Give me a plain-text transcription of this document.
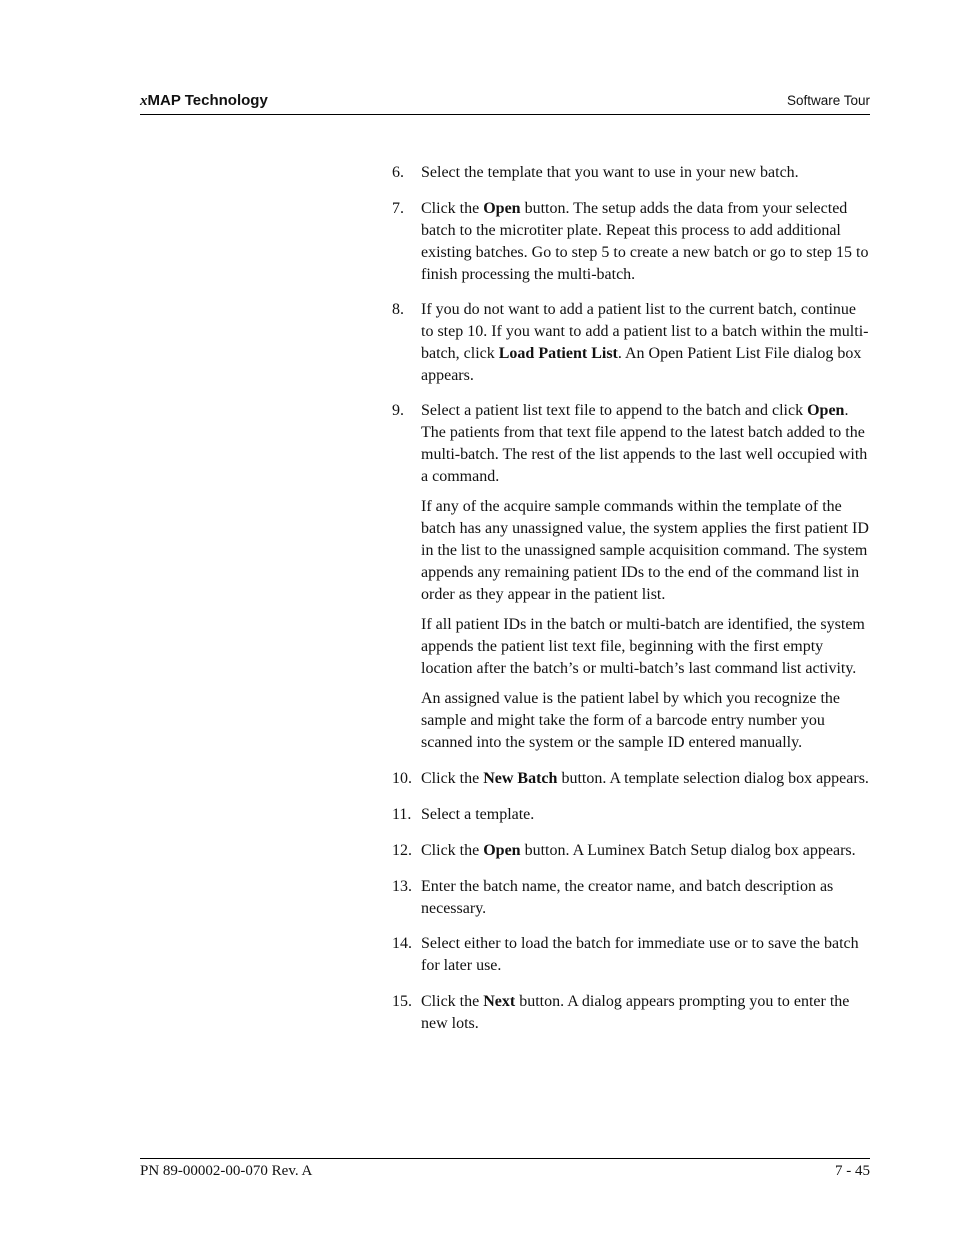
xMAP Technology	Software Tour
6. Select the template that you want to use in your new batch.

7. Click the Open button. The setup adds the data from your selected batch to the microtiter plate. Repeat this process to add additional existing batches. Go to step 5 to create a new batch or go to step 15 to finish processing the multi-batch.

8. If you do not want to add a patient list to the current batch, continue to step 10. If you want to add a patient list to a batch within the multi-batch, click Load Patient List. An Open Patient List File dialog box appears.

9. Select a patient list text file to append to the batch and click Open. The patients from that text file append to the latest batch added to the multi-batch. The rest of the list appends to the last well occupied with a command.

If any of the acquire sample commands within the template of the batch has any unassigned value, the system applies the first patient ID in the list to the unassigned sample acquisition command. The system appends any remaining patient IDs to the end of the command list in order as they appear in the patient list.

If all patient IDs in the batch or multi-batch are identified, the system appends the patient list text file, beginning with the first empty location after the batch’s or multi-batch’s last command list activity.

An assigned value is the patient label by which you recognize the sample and might take the form of a barcode entry number you scanned into the system or the sample ID entered manually.

10. Click the New Batch button. A template selection dialog box appears.

11. Select a template.

12. Click the Open button. A Luminex Batch Setup dialog box appears.

13. Enter the batch name, the creator name, and batch description as necessary.

14. Select either to load the batch for immediate use or to save the batch for later use.

15. Click the Next button. A dialog appears prompting you to enter the new lots.

PN 89-00002-00-070 Rev. A	7 - 45
